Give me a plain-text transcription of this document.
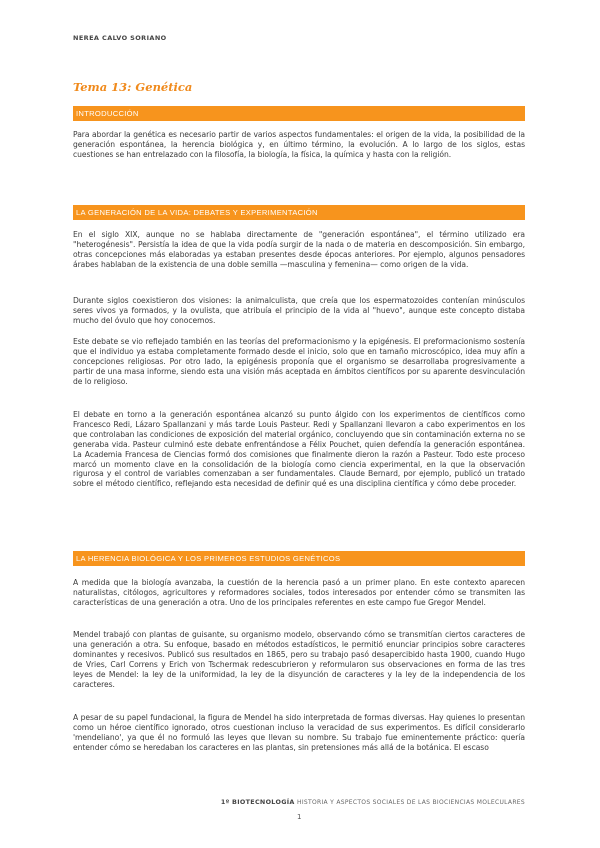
NEREA CALVO SORIANO
Tema 13: Genética
INTRODUCCIÓN

Para abordar la genética es necesario partir de varios aspectos fundamentales: el origen de la vida, la posibilidad de la generación espontánea, la herencia biológica y, en último término, la evolución. A lo largo de los siglos, estas cuestiones se han entrelazado con la filosofía, la biología, la física, la química y hasta con la religión.

LA GENERACIÓN DE LA VIDA: DEBATES Y EXPERIMENTACIÓN

En el siglo XIX, aunque no se hablaba directamente de "generación espontánea", el término utilizado era "heterogénesis". Persistía la idea de que la vida podía surgir de la nada o de materia en descomposición. Sin embargo, otras concepciones más elaboradas ya estaban presentes desde épocas anteriores. Por ejemplo, algunos pensadores árabes hablaban de la existencia de una doble semilla —masculina y femenina— como origen de la vida.

Durante siglos coexistieron dos visiones: la animalculista, que creía que los espermatozoides contenían minúsculos seres vivos ya formados, y la ovulista, que atribuía el principio de la vida al "huevo", aunque este concepto distaba mucho del óvulo que hoy conocemos.

Este debate se vio reflejado también en las teorías del preformacionismo y la epigénesis. El preformacionismo sostenía que el individuo ya estaba completamente formado desde el inicio, solo que en tamaño microscópico, idea muy afín a concepciones religiosas. Por otro lado, la epigénesis proponía que el organismo se desarrollaba progresivamente a partir de una masa informe, siendo esta una visión más aceptada en ámbitos científicos por su aparente desvinculación de lo religioso.

El debate en torno a la generación espontánea alcanzó su punto álgido con los experimentos de científicos como Francesco Redi, Lázaro Spallanzani y más tarde Louis Pasteur. Redi y Spallanzani llevaron a cabo experimentos en los que controlaban las condiciones de exposición del material orgánico, concluyendo que sin contaminación externa no se generaba vida. Pasteur culminó este debate enfrentándose a Félix Pouchet, quien defendía la generación espontánea. La Academia Francesa de Ciencias formó dos comisiones que finalmente dieron la razón a Pasteur. Todo este proceso marcó un momento clave en la consolidación de la biología como ciencia experimental, en la que la observación rigurosa y el control de variables comenzaban a ser fundamentales. Claude Bernard, por ejemplo, publicó un tratado sobre el método científico, reflejando esta necesidad de definir qué es una disciplina científica y cómo debe proceder.

LA HERENCIA BIOLÓGICA Y LOS PRIMEROS ESTUDIOS GENÉTICOS

A medida que la biología avanzaba, la cuestión de la herencia pasó a un primer plano. En este contexto aparecen naturalistas, citólogos, agricultores y reformadores sociales, todos interesados por entender cómo se transmiten las características de una generación a otra. Uno de los principales referentes en este campo fue Gregor Mendel.

Mendel trabajó con plantas de guisante, su organismo modelo, observando cómo se transmitían ciertos caracteres de una generación a otra. Su enfoque, basado en métodos estadísticos, le permitió enunciar principios sobre caracteres dominantes y recesivos. Publicó sus resultados en 1865, pero su trabajo pasó desapercibido hasta 1900, cuando Hugo de Vries, Carl Correns y Erich von Tschermak redescubrieron y reformularon sus observaciones en forma de las tres leyes de Mendel: la ley de la uniformidad, la ley de la disyunción de caracteres y la ley de la independencia de los caracteres.

A pesar de su papel fundacional, la figura de Mendel ha sido interpretada de formas diversas. Hay quienes lo presentan como un héroe científico ignorado, otros cuestionan incluso la veracidad de sus experimentos. Es difícil considerarlo 'mendeliano', ya que él no formuló las leyes que llevan su nombre. Su trabajo fue eminentemente práctico: quería entender cómo se heredaban los caracteres en las plantas, sin pretensiones más allá de la botánica. El escaso

1º BIOTECNOLOGÍA HISTORIA Y ASPECTOS SOCIALES DE LAS BIOCIENCIAS MOLECULARES
1
